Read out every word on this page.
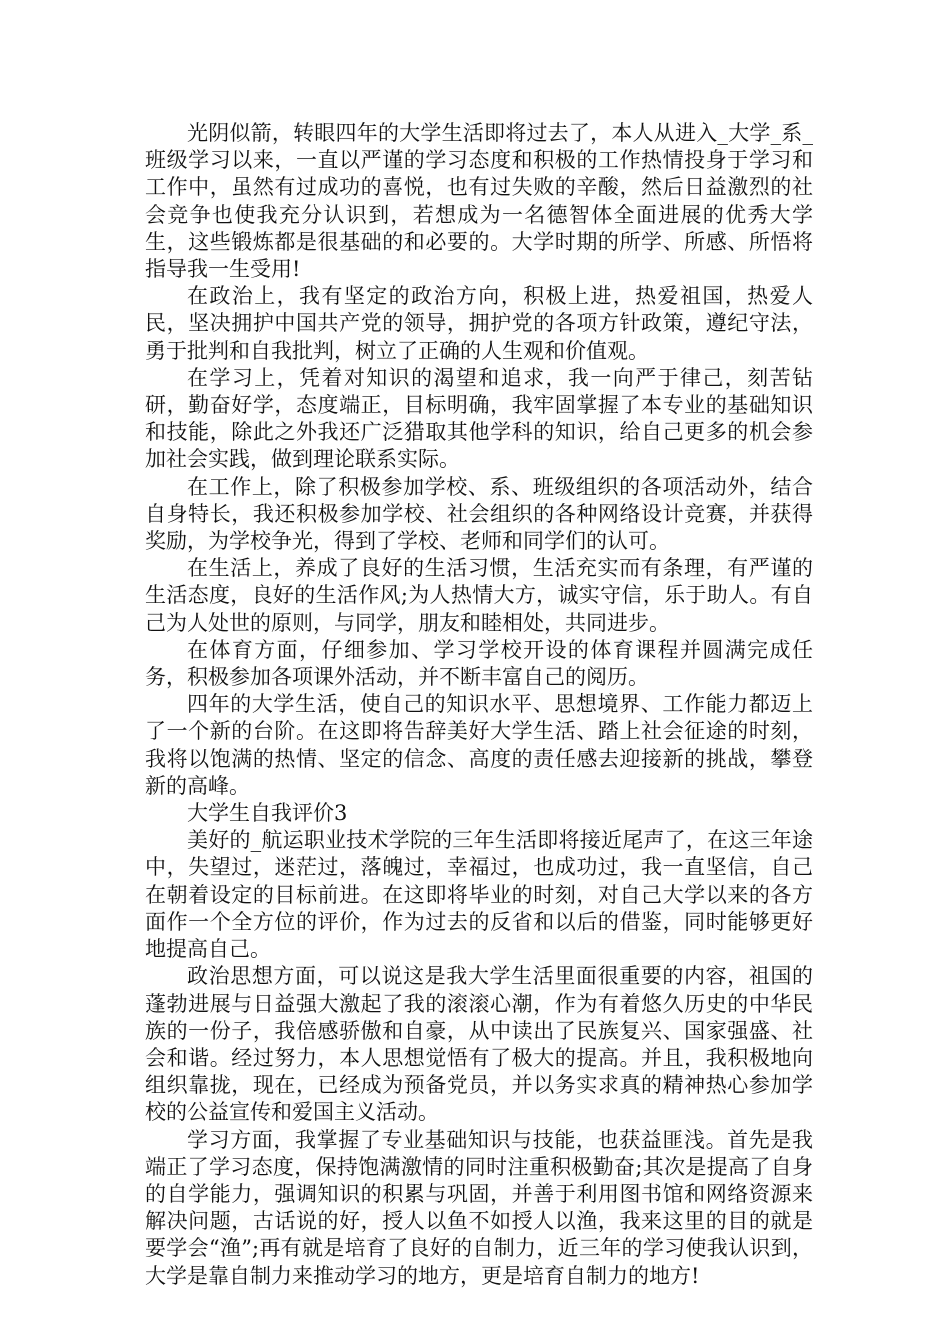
光阴似箭，转眼四年的大学生活即将过去了，本人从进入_大学_系_班级学习以来，一直以严谨的学习态度和积极的工作热情投身于学习和工作中，虽然有过成功的喜悦，也有过失败的辛酸，然后日益激烈的社会竞争也使我充分认识到，若想成为一名德智体全面进展的优秀大学生，这些锻炼都是很基础的和必要的。大学时期的所学、所感、所悟将指导我一生受用!

在政治上，我有坚定的政治方向，积极上进，热爱祖国，热爱人民，坚决拥护中国共产党的领导，拥护党的各项方针政策，遵纪守法，勇于批判和自我批判，树立了正确的人生观和价值观。

在学习上，凭着对知识的渴望和追求，我一向严于律己，刻苦钻研，勤奋好学，态度端正，目标明确，我牢固掌握了本专业的基础知识和技能，除此之外我还广泛猎取其他学科的知识，给自己更多的机会参加社会实践，做到理论联系实际。

在工作上，除了积极参加学校、系、班级组织的各项活动外，结合自身特长，我还积极参加学校、社会组织的各种网络设计竞赛，并获得奖励，为学校争光，得到了学校、老师和同学们的认可。

在生活上，养成了良好的生活习惯，生活充实而有条理，有严谨的生活态度，良好的生活作风;为人热情大方，诚实守信，乐于助人。有自己为人处世的原则，与同学，朋友和睦相处，共同进步。

在体育方面，仔细参加、学习学校开设的体育课程并圆满完成任务，积极参加各项课外活动，并不断丰富自己的阅历。

四年的大学生活，使自己的知识水平、思想境界、工作能力都迈上了一个新的台阶。在这即将告辞美好大学生活、踏上社会征途的时刻，我将以饱满的热情、坚定的信念、高度的责任感去迎接新的挑战，攀登新的高峰。

大学生自我评价3

美好的_航运职业技术学院的三年生活即将接近尾声了，在这三年途中，失望过，迷茫过，落魄过，幸福过，也成功过，我一直坚信，自己在朝着设定的目标前进。在这即将毕业的时刻，对自己大学以来的各方面作一个全方位的评价，作为过去的反省和以后的借鉴，同时能够更好地提高自己。

政治思想方面，可以说这是我大学生活里面很重要的内容，祖国的蓬勃进展与日益强大激起了我的滚滚心潮，作为有着悠久历史的中华民族的一份子，我倍感骄傲和自豪，从中读出了民族复兴、国家强盛、社会和谐。经过努力，本人思想觉悟有了极大的提高。并且，我积极地向组织靠拢，现在，已经成为预备党员，并以务实求真的精神热心参加学校的公益宣传和爱国主义活动。

学习方面，我掌握了专业基础知识与技能，也获益匪浅。首先是我端正了学习态度，保持饱满激情的同时注重积极勤奋;其次是提高了自身的自学能力，强调知识的积累与巩固，并善于利用图书馆和网络资源来解决问题，古话说的好，授人以鱼不如授人以渔，我来这里的目的就是要学会“渔”;再有就是培育了良好的自制力，近三年的学习使我认识到，大学是靠自制力来推动学习的地方，更是培育自制力的地方!
